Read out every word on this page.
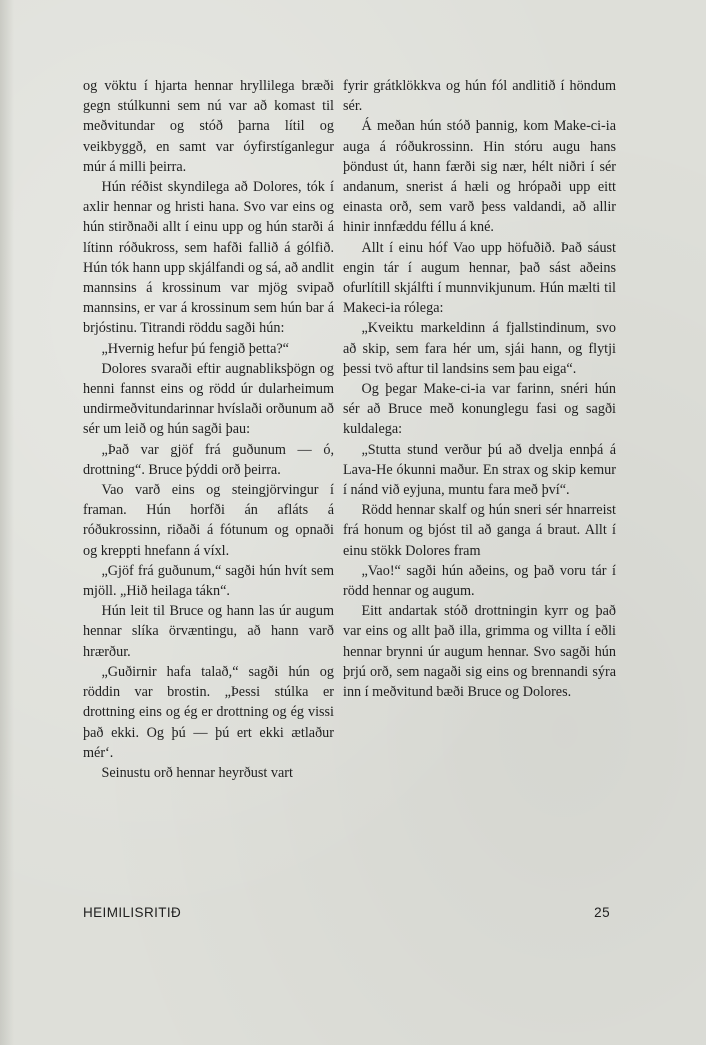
og vöktu í hjarta hennar hryllilega bræði gegn stúlkunni sem nú var að komast til meðvitundar og stóð þarna lítil og veikbyggð, en samt var óyfirstíganlegur múr á milli þeirra.

Hún réðist skyndilega að Dolores, tók í axlir hennar og hristi hana. Svo var eins og hún stirðnaði allt í einu upp og hún starði á lítinn róðukross, sem hafði fallið á gólfið. Hún tók hann upp skjálfandi og sá, að andlit mannsins á krossinum var mjög svipað mannsins, er var á krossinum sem hún bar á brjóstinu. Titrandi röddu sagði hún:

„Hvernig hefur þú fengið þetta?“

Dolores svaraði eftir augnabliksþögn og henni fannst eins og rödd úr dularheimum undirmeðvitundarinnar hvíslaði orðunum að sér um leið og hún sagði þau:

„Það var gjöf frá guðunum — ó, drottning“. Bruce þýddi orð þeirra.

Vao varð eins og steingjörvingur í framan. Hún horfði án afláts á róðukrossinn, riðaði á fótunum og opnaði og kreppti hnefann á víxl.

„Gjöf frá guðunum,“ sagði hún hvít sem mjöll. „Hið heilaga tákn“.

Hún leit til Bruce og hann las úr augum hennar slíka örvæntingu, að hann varð hrærður.

„Guðirnir hafa talað,“ sagði hún og röddin var brostin. „Þessi stúlka er drottning eins og ég er drottning og ég vissi það ekki. Og þú — þú ert ekki ætlaður mér‘.

Seinustu orð hennar heyrðust vart

fyrir grátklökkva og hún fól andlitið í höndum sér.

Á meðan hún stóð þannig, kom Make-ci-ia auga á róðukrossinn. Hin stóru augu hans þöndust út, hann færði sig nær, hélt niðri í sér andanum, snerist á hæli og hrópaði upp eitt einasta orð, sem varð þess valdandi, að allir hinir innfæddu féllu á kné.

Allt í einu hóf Vao upp höfuðið. Það sáust engin tár í augum hennar, það sást aðeins ofurlítill skjálfti í munnvikjunum. Hún mælti til Makeci-ia rólega:

„Kveiktu markeldinn á fjallstindinum, svo að skip, sem fara hér um, sjái hann, og flytji þessi tvö aftur til landsins sem þau eiga“.

Og þegar Make-ci-ia var farinn, snéri hún sér að Bruce með konunglegu fasi og sagði kuldalega:

„Stutta stund verður þú að dvelja ennþá á Lava-He ókunni maður. En strax og skip kemur í nánd við eyjuna, muntu fara með því“.

Rödd hennar skalf og hún sneri sér hnarreist frá honum og bjóst til að ganga á braut. Allt í einu stökk Dolores fram

„Vao!“ sagði hún aðeins, og það voru tár í rödd hennar og augum.

Eitt andartak stóð drottningin kyrr og það var eins og allt það illa, grimma og villta í eðli hennar brynni úr augum hennar. Svo sagði hún þrjú orð, sem nagaði sig eins og brennandi sýra inn í meðvitund bæði Bruce og Dolores.

HEIMILISRITIÐ	25
